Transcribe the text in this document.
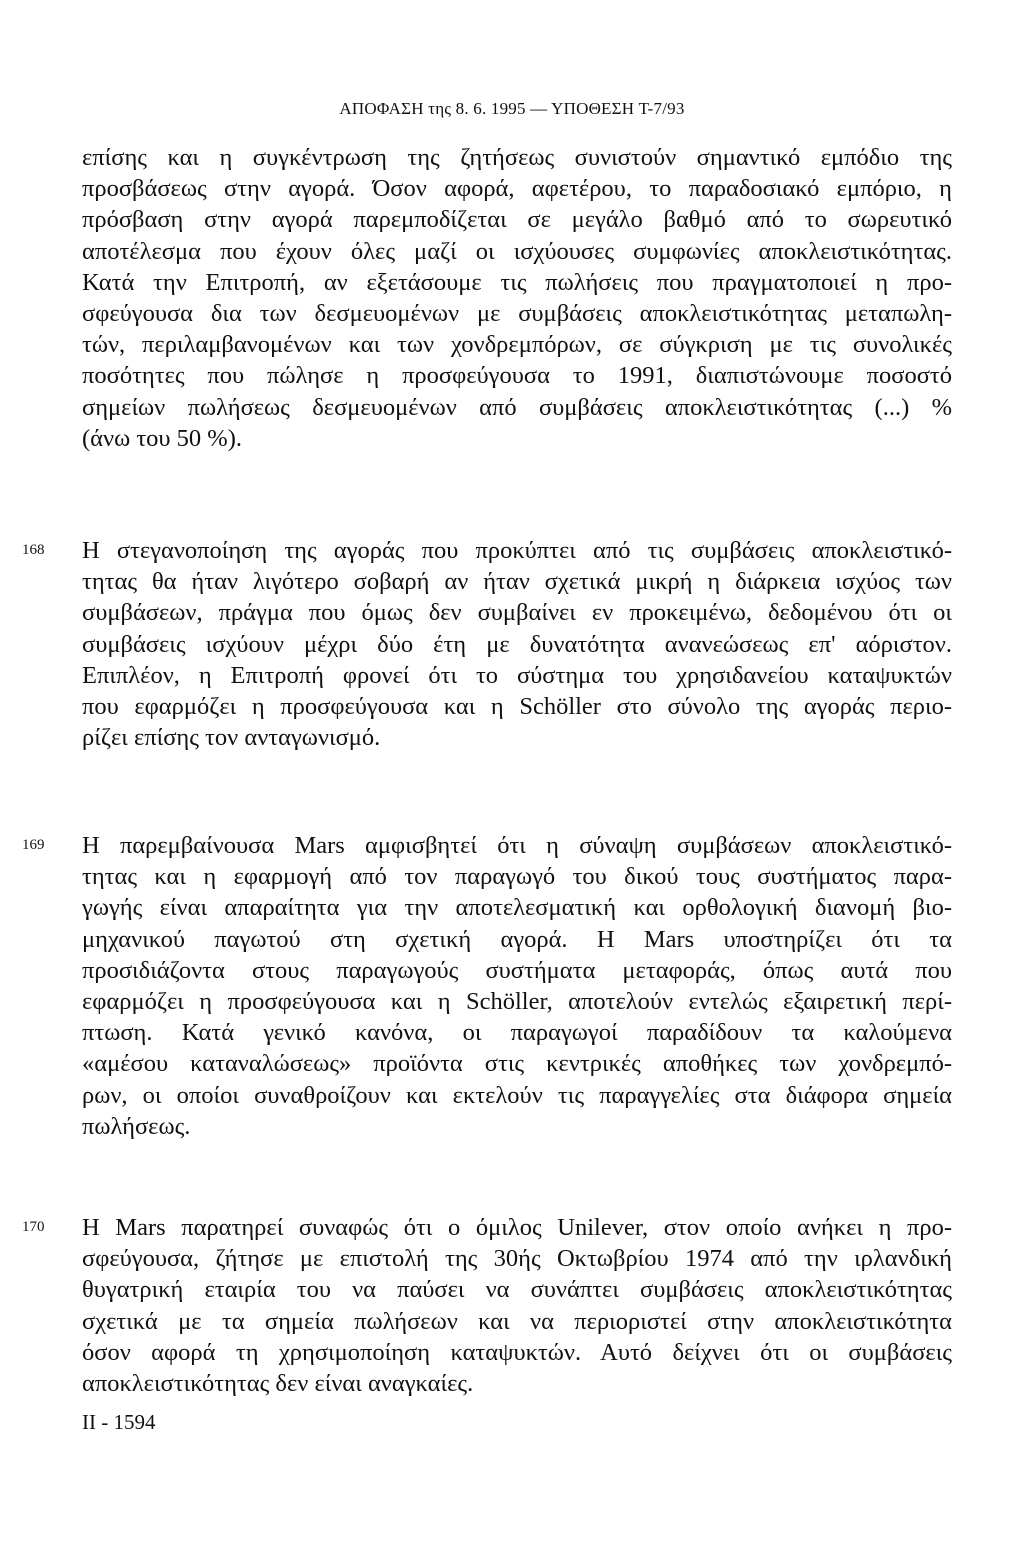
ΑΠΟΦΑΣΗ της 8. 6. 1995 — ΥΠΟΘΕΣΗ T-7/93
επίσης και η συγκέντρωση της ζητήσεως συνιστούν σημαντικό εμπόδιο της
προσβάσεως στην αγορά. Όσον αφορά, αφετέρου, το παραδοσιακό εμπόριο, η
πρόσβαση στην αγορά παρεμποδίζεται σε μεγάλο βαθμό από το σωρευτικό
αποτέλεσμα που έχουν όλες μαζί οι ισχύουσες συμφωνίες αποκλειστικότητας.
Κατά την Επιτροπή, αν εξετάσουμε τις πωλήσεις που πραγματοποιεί η προ-
σφεύγουσα δια των δεσμευομένων με συμβάσεις αποκλειστικότητας μεταπωλη-
τών, περιλαμβανομένων και των χονδρεμπόρων, σε σύγκριση με τις συνολικές
ποσότητες που πώλησε η προσφεύγουσα το 1991, διαπιστώνουμε ποσοστό
σημείων πωλήσεως δεσμευομένων από συμβάσεις αποκλειστικότητας (...) %
(άνω του 50 %).
168 Η στεγανοποίηση της αγοράς που προκύπτει από τις συμβάσεις αποκλειστικό-
τητας θα ήταν λιγότερο σοβαρή αν ήταν σχετικά μικρή η διάρκεια ισχύος των
συμβάσεων, πράγμα που όμως δεν συμβαίνει εν προκειμένω, δεδομένου ότι οι
συμβάσεις ισχύουν μέχρι δύο έτη με δυνατότητα ανανεώσεως επ' αόριστον.
Επιπλέον, η Επιτροπή φρονεί ότι το σύστημα του χρησιδανείου καταψυκτών
που εφαρμόζει η προσφεύγουσα και η Schöller στο σύνολο της αγοράς περιο-
ρίζει επίσης τον ανταγωνισμό.
169 Η παρεμβαίνουσα Mars αμφισβητεί ότι η σύναψη συμβάσεων αποκλειστικό-
τητας και η εφαρμογή από τον παραγωγό του δικού τους συστήματος παρα-
γωγής είναι απαραίτητα για την αποτελεσματική και ορθολογική διανομή βιο-
μηχανικού παγωτού στη σχετική αγορά. Η Mars υποστηρίζει ότι τα
προσιδιάζοντα στους παραγωγούς συστήματα μεταφοράς, όπως αυτά που
εφαρμόζει η προσφεύγουσα και η Schöller, αποτελούν εντελώς εξαιρετική περί-
πτωση. Κατά γενικό κανόνα, οι παραγωγοί παραδίδουν τα καλούμενα
«αμέσου καταναλώσεως» προϊόντα στις κεντρικές αποθήκες των χονδρεμπό-
ρων, οι οποίοι συναθροίζουν και εκτελούν τις παραγγελίες στα διάφορα σημεία
πωλήσεως.
170 Η Mars παρατηρεί συναφώς ότι ο όμιλος Unilever, στον οποίο ανήκει η προ-
σφεύγουσα, ζήτησε με επιστολή της 30ής Οκτωβρίου 1974 από την ιρλανδική
θυγατρική εταιρία του να παύσει να συνάπτει συμβάσεις αποκλειστικότητας
σχετικά με τα σημεία πωλήσεων και να περιοριστεί στην αποκλειστικότητα
όσον αφορά τη χρησιμοποίηση καταψυκτών. Αυτό δείχνει ότι οι συμβάσεις
αποκλειστικότητας δεν είναι αναγκαίες.
II - 1594
